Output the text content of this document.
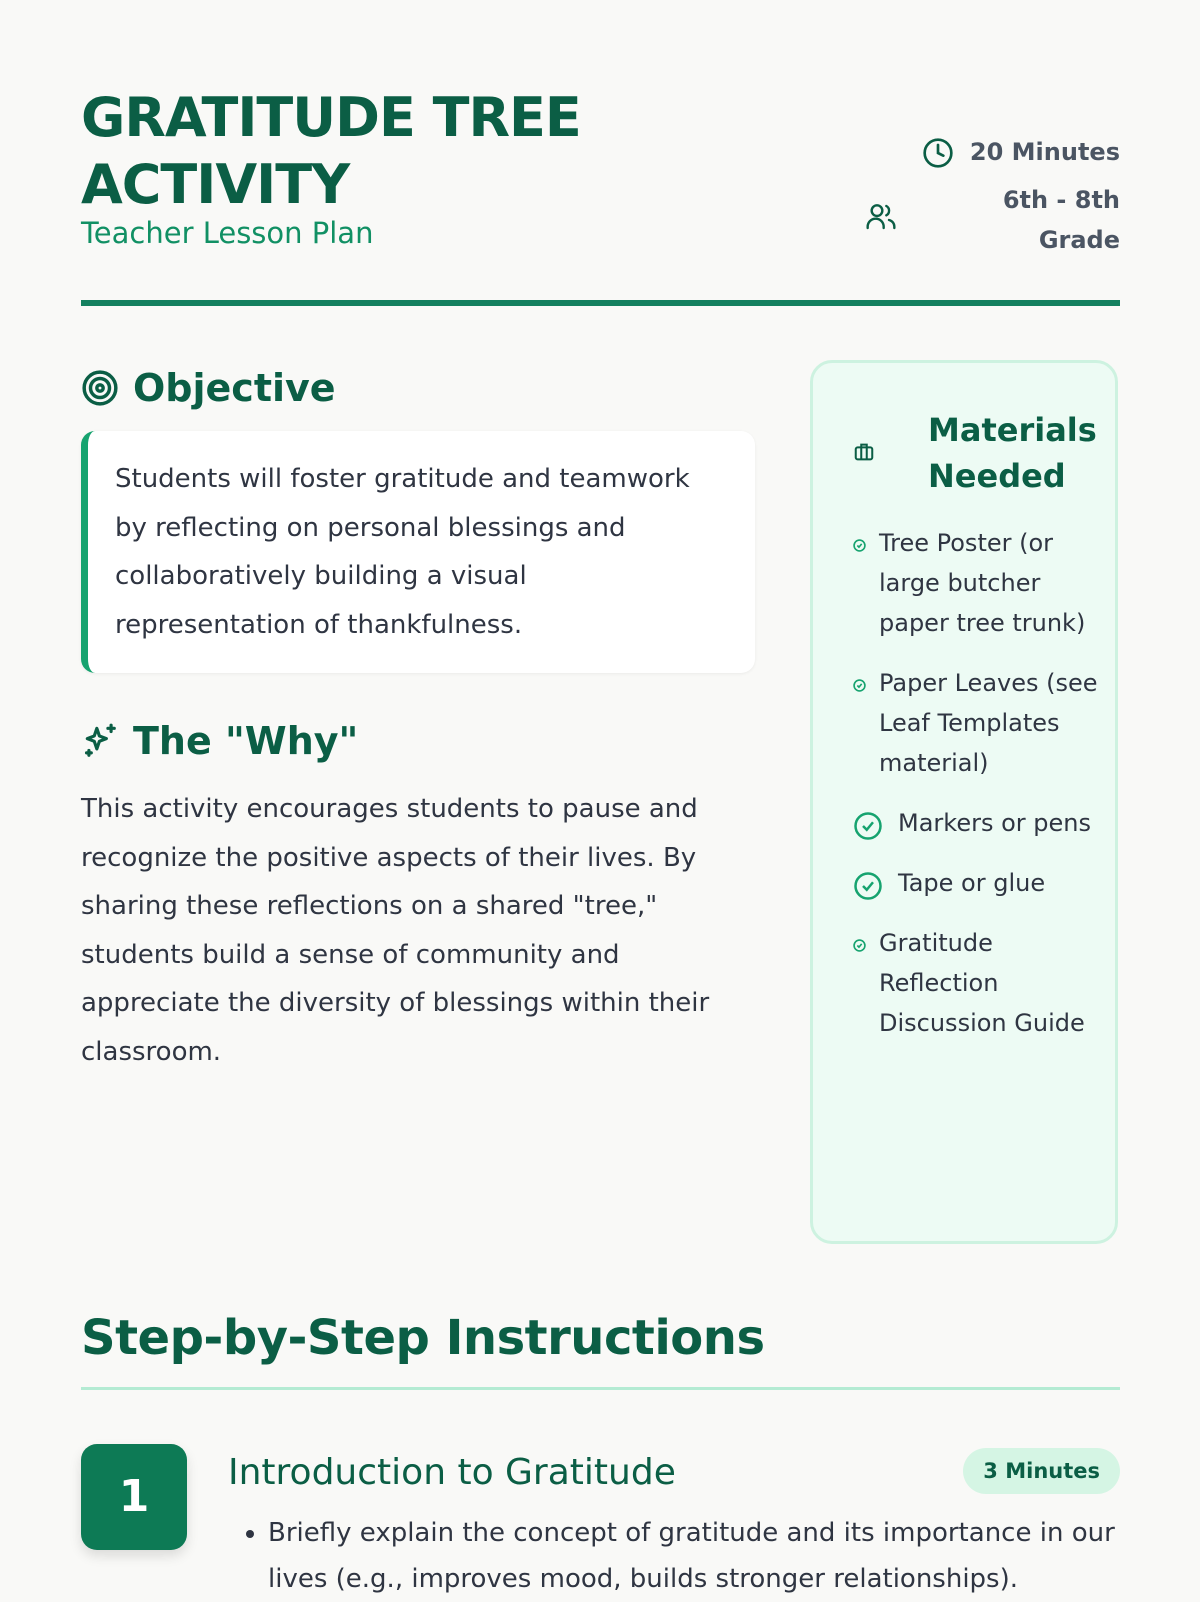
GRATITUDE TREE ACTIVITY
Teacher Lesson Plan
20 Minutes
6th - 8th Grade
Objective
Students will foster gratitude and teamwork by reflecting on personal blessings and collaboratively building a visual representation of thankfulness.
The "Why"
This activity encourages students to pause and recognize the positive aspects of their lives. By sharing these reflections on a shared "tree," students build a sense of community and appreciate the diversity of blessings within their classroom.
Materials Needed
Tree Poster (or large butcher paper tree trunk)
Paper Leaves (see Leaf Templates material)
Markers or pens
Tape or glue
Gratitude Reflection Discussion Guide
Step-by-Step Instructions
1	Introduction to Gratitude	3 Minutes
• Briefly explain the concept of gratitude and its importance in our lives (e.g., improves mood, builds stronger relationships).
